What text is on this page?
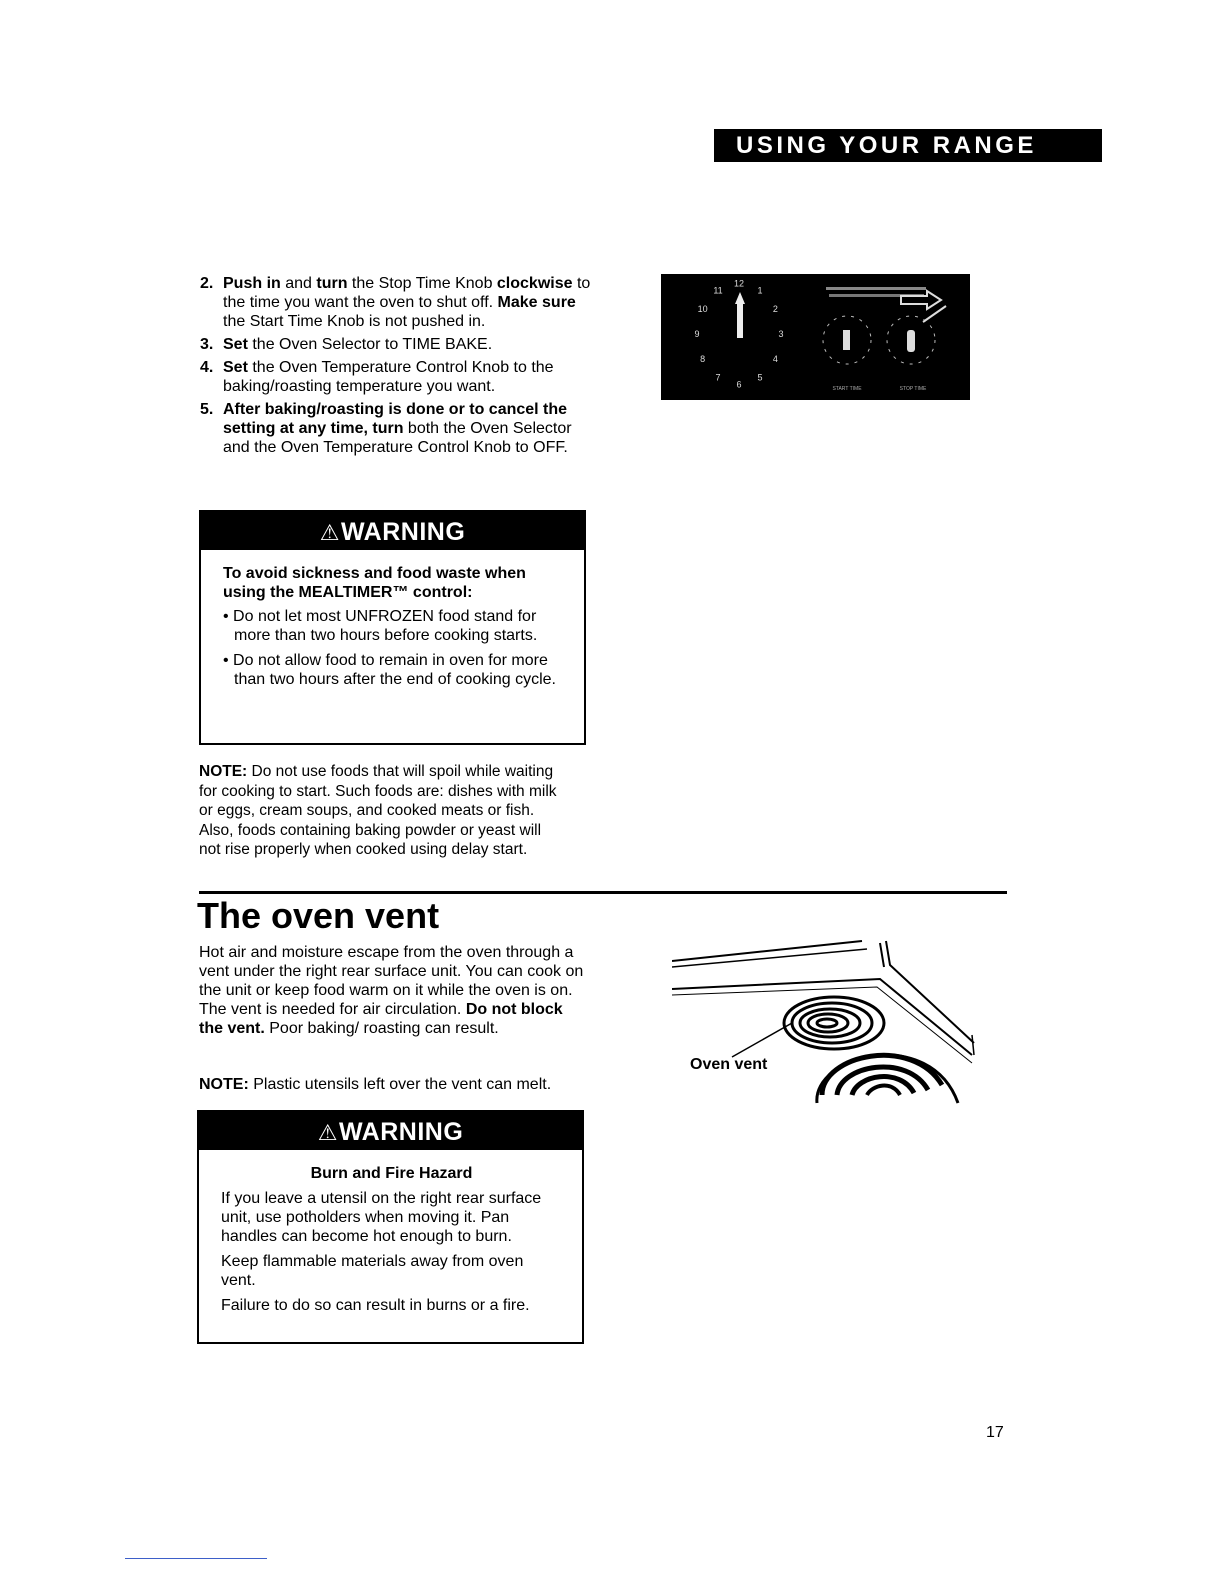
USING YOUR RANGE
2. Push in and turn the Stop Time Knob clockwise to the time you want the oven to shut off. Make sure the Start Time Knob is not pushed in.
3. Set the Oven Selector to TIME BAKE.
4. Set the Oven Temperature Control Knob to the baking/roasting temperature you want.
5. After baking/roasting is done or to cancel the setting at any time, turn both the Oven Selector and the Oven Temperature Control Knob to OFF.
⚠WARNING
To avoid sickness and food waste when using the MEALTIMER™ control:
• Do not let most UNFROZEN food stand for more than two hours before cooking starts.
• Do not allow food to remain in oven for more than two hours after the end of cooking cycle.
NOTE: Do not use foods that will spoil while waiting for cooking to start. Such foods are: dishes with milk or eggs, cream soups, and cooked meats or fish. Also, foods containing baking powder or yeast will not rise properly when cooked using delay start.
The oven vent
Hot air and moisture escape from the oven through a vent under the right rear surface unit. You can cook on the unit or keep food warm on it while the oven is on. The vent is needed for air circulation. Do not block the vent. Poor baking/ roasting can result.
NOTE: Plastic utensils left over the vent can melt.
⚠WARNING
Burn and Fire Hazard
If you leave a utensil on the right rear surface unit, use potholders when moving it. Pan handles can become hot enough to burn.
Keep flammable materials away from oven vent.
Failure to do so can result in burns or a fire.
12
1
2
3
4
5
6
7
8
9
10
11
START TIME	STOP TIME
Oven vent
17
